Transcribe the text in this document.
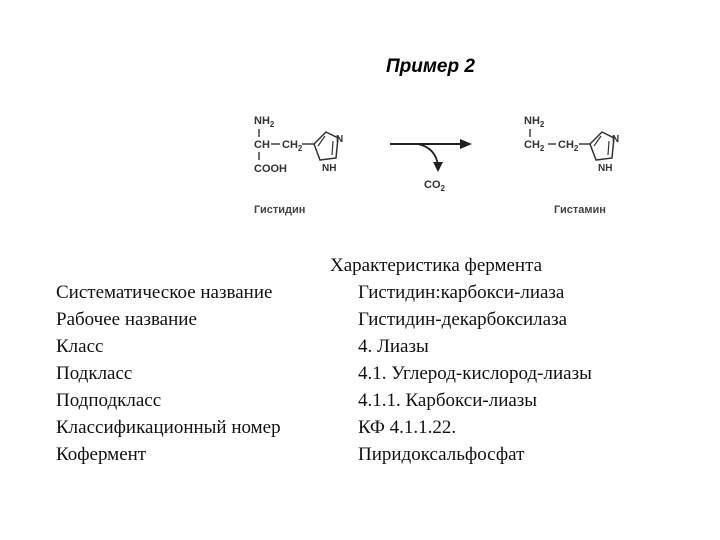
Пример 2
$NH_2$
CH $CH_2$
COOH
N
NH
Гистидин
$CO_2$
$NH_2$
$CH_2$ $CH_2$
N
NH
Гистамин
Характеристика фермента
Систематическое название	Гистидин:карбокси-лиаза
Рабочее название	Гистидин-декарбоксилаза
Класс	4. Лиазы
Подкласс	4.1. Углерод-кислород-лиазы
Подподкласс	4.1.1. Карбокси-лиазы
Классификационный номер	КФ 4.1.1.22.
Кофермент	Пиридоксальфосфат
